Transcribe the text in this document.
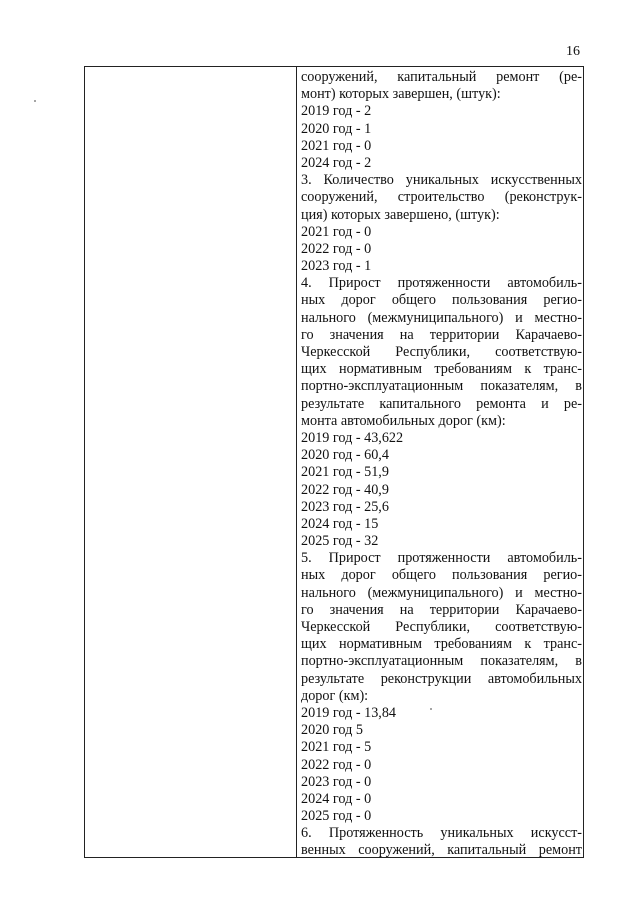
16
сооружений, капитальный ремонт (ре-
монт) которых завершен, (штук):
2019 год - 2
2020 год - 1
2021 год - 0
2024 год - 2
3. Количество уникальных искусственных
сооружений, строительство (реконструк-
ция) которых завершено, (штук):
2021 год - 0
2022 год - 0
2023 год - 1
4. Прирост протяженности автомобиль-
ных дорог общего пользования регио-
нального (межмуниципального) и местно-
го значения на территории Карачаево-
Черкесской Республики, соответствую-
щих нормативным требованиям к транс-
портно-эксплуатационным показателям, в
результате капитального ремонта и ре-
монта автомобильных дорог (км):
2019 год - 43,622
2020 год - 60,4
2021 год - 51,9
2022 год - 40,9
2023 год - 25,6
2024 год - 15
2025 год - 32
5. Прирост протяженности автомобиль-
ных дорог общего пользования регио-
нального (межмуниципального) и местно-
го значения на территории Карачаево-
Черкесской Республики, соответствую-
щих нормативным требованиям к транс-
портно-эксплуатационным показателям, в
результате реконструкции автомобильных
дорог (км):
2019 год - 13,84
2020 год 5
2021 год - 5
2022 год - 0
2023 год - 0
2024 год - 0
2025 год - 0
6. Протяженность уникальных искусст-
венных сооружений, капитальный ремонт
